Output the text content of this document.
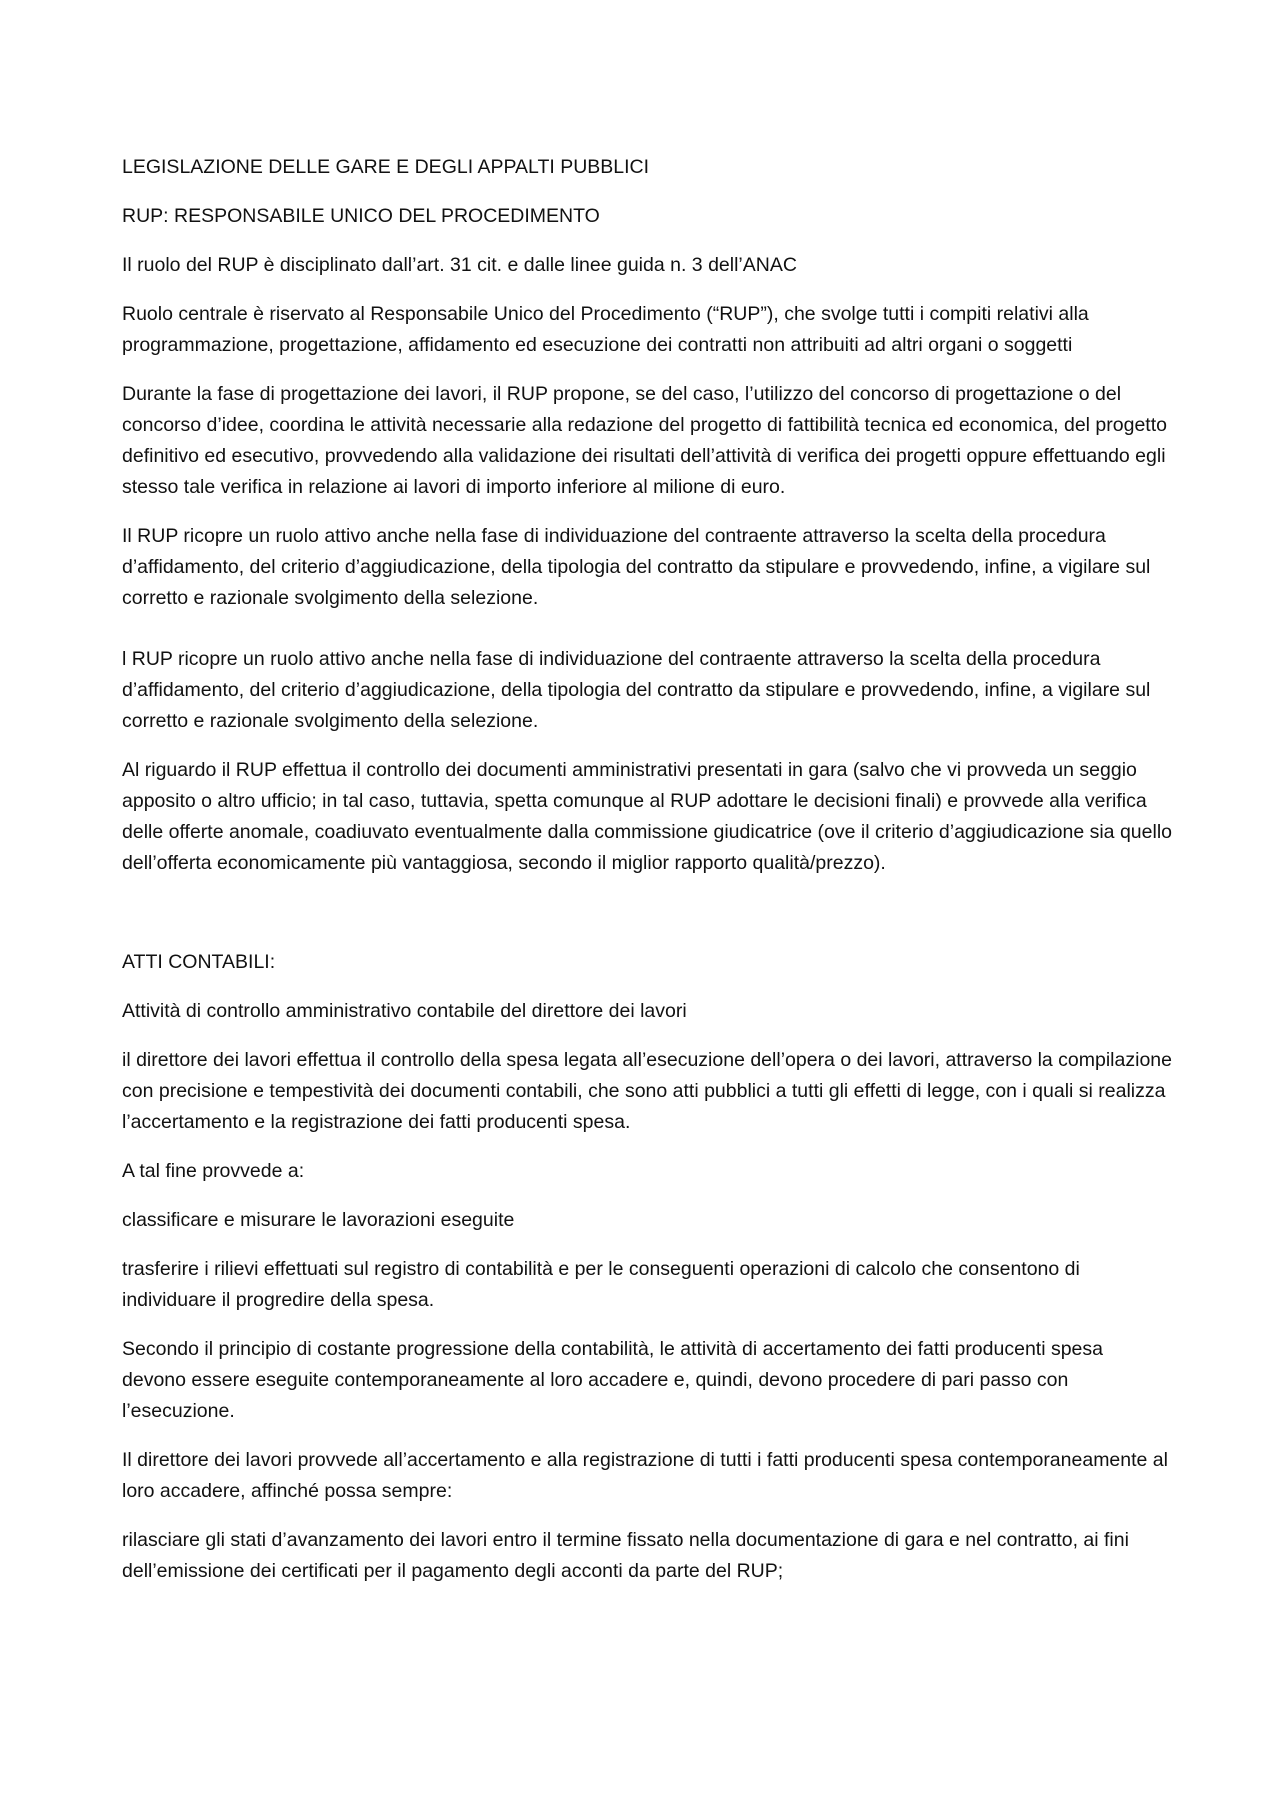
LEGISLAZIONE DELLE GARE E DEGLI APPALTI PUBBLICI

RUP: RESPONSABILE UNICO DEL PROCEDIMENTO

Il ruolo del RUP è disciplinato dall’art. 31 cit. e dalle linee guida n. 3 dell’ANAC

Ruolo centrale è riservato al Responsabile Unico del Procedimento (“RUP”), che svolge tutti i compiti relativi alla programmazione, progettazione, affidamento ed esecuzione dei contratti non attribuiti ad altri organi o soggetti

Durante la fase di progettazione dei lavori, il RUP propone, se del caso, l’utilizzo del concorso di progettazione o del concorso d’idee, coordina le attività necessarie alla redazione del progetto di fattibilità tecnica ed economica, del progetto definitivo ed esecutivo, provvedendo alla validazione dei risultati dell’attività di verifica dei progetti oppure effettuando egli stesso tale verifica in relazione ai lavori di importo inferiore al milione di euro.

Il RUP ricopre un ruolo attivo anche nella fase di individuazione del contraente attraverso la scelta della procedura d’affidamento, del criterio d’aggiudicazione, della tipologia del contratto da stipulare e provvedendo, infine, a vigilare sul corretto e razionale svolgimento della selezione.

l RUP ricopre un ruolo attivo anche nella fase di individuazione del contraente attraverso la scelta della procedura d’affidamento, del criterio d’aggiudicazione, della tipologia del contratto da stipulare e provvedendo, infine, a vigilare sul corretto e razionale svolgimento della selezione.

Al riguardo il RUP effettua il controllo dei documenti amministrativi presentati in gara (salvo che vi provveda un seggio apposito o altro ufficio; in tal caso, tuttavia, spetta comunque al RUP adottare le decisioni finali) e provvede alla verifica delle offerte anomale, coadiuvato eventualmente dalla commissione giudicatrice (ove il criterio d’aggiudicazione sia quello dell’offerta economicamente più vantaggiosa, secondo il miglior rapporto qualità/prezzo).

ATTI CONTABILI:

Attività di controllo amministrativo contabile del direttore dei lavori

il direttore dei lavori effettua il controllo della spesa legata all’esecuzione dell’opera o dei lavori, attraverso la compilazione con precisione e tempestività dei documenti contabili, che sono atti pubblici a tutti gli effetti di legge, con i quali si realizza l’accertamento e la registrazione dei fatti producenti spesa.

A tal fine provvede a:

classificare e misurare le lavorazioni eseguite

trasferire i rilievi effettuati sul registro di contabilità e per le conseguenti operazioni di calcolo che consentono di individuare il progredire della spesa.

Secondo il principio di costante progressione della contabilità, le attività di accertamento dei fatti producenti spesa devono essere eseguite contemporaneamente al loro accadere e, quindi, devono procedere di pari passo con l’esecuzione.

Il direttore dei lavori provvede all’accertamento e alla registrazione di tutti i fatti producenti spesa contemporaneamente al loro accadere, affinché possa sempre:

rilasciare gli stati d’avanzamento dei lavori entro il termine fissato nella documentazione di gara e nel contratto, ai fini dell’emissione dei certificati per il pagamento degli acconti da parte del RUP;
